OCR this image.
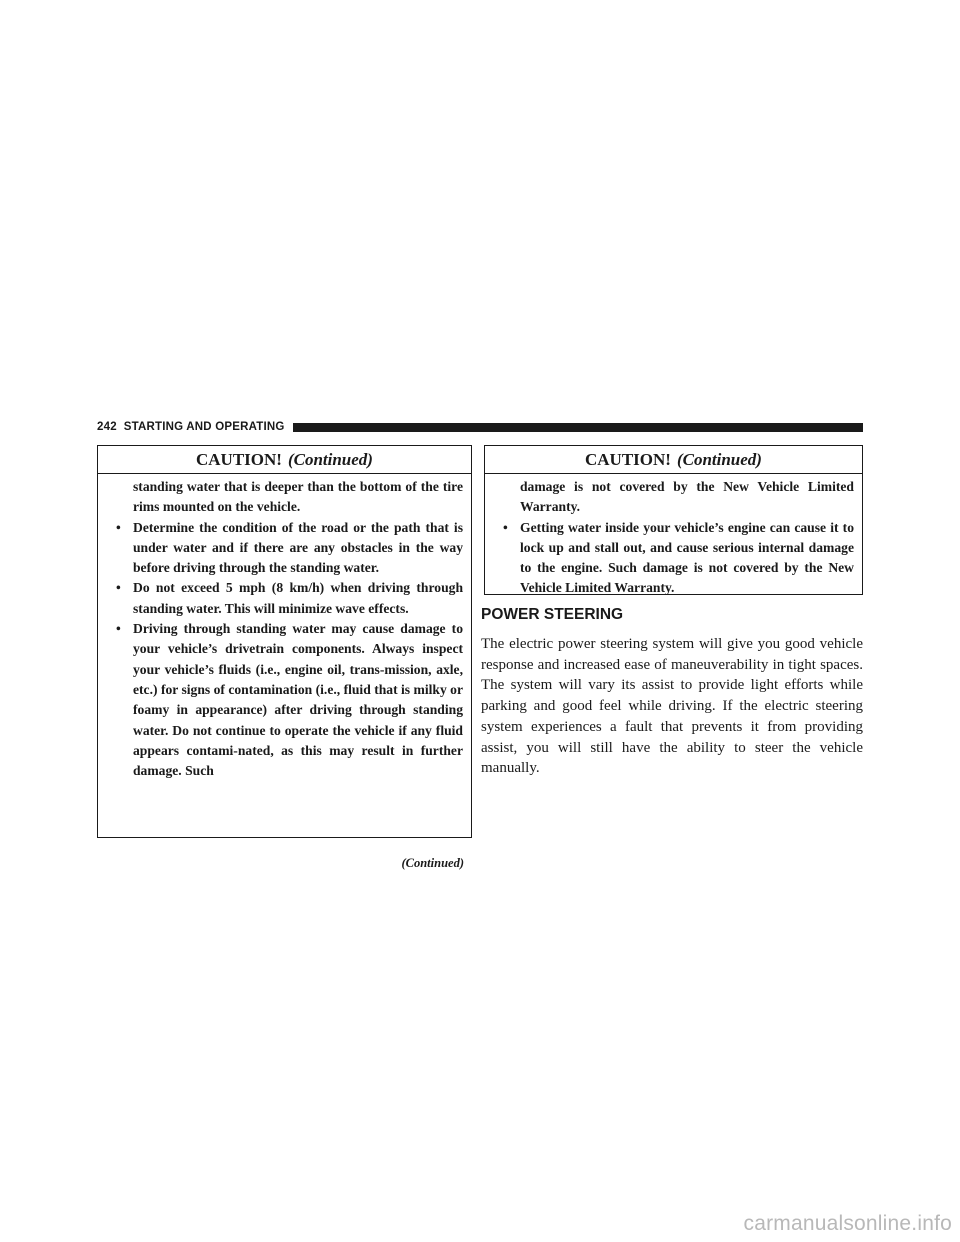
242 STARTING AND OPERATING
CAUTION! (Continued)

standing water that is deeper than the bottom of the tire rims mounted on the vehicle.

• Determine the condition of the road or the path that is under water and if there are any obstacles in the way before driving through the standing water.
• Do not exceed 5 mph (8 km/h) when driving through standing water. This will minimize wave effects.
• Driving through standing water may cause damage to your vehicle’s drivetrain components. Always inspect your vehicle’s fluids (i.e., engine oil, trans-mission, axle, etc.) for signs of contamination (i.e., fluid that is milky or foamy in appearance) after driving through standing water. Do not continue to operate the vehicle if any fluid appears contami-nated, as this may result in further damage. Such
(Continued)
CAUTION! (Continued)

damage is not covered by the New Vehicle Limited Warranty.

• Getting water inside your vehicle’s engine can cause it to lock up and stall out, and cause serious internal damage to the engine. Such damage is not covered by the New Vehicle Limited Warranty.
POWER STEERING

The electric power steering system will give you good vehicle response and increased ease of maneuverability in tight spaces. The system will vary its assist to provide light efforts while parking and good feel while driving. If the electric steering system experiences a fault that prevents it from providing assist, you will still have the ability to steer the vehicle manually.

carmanualsonline.info
